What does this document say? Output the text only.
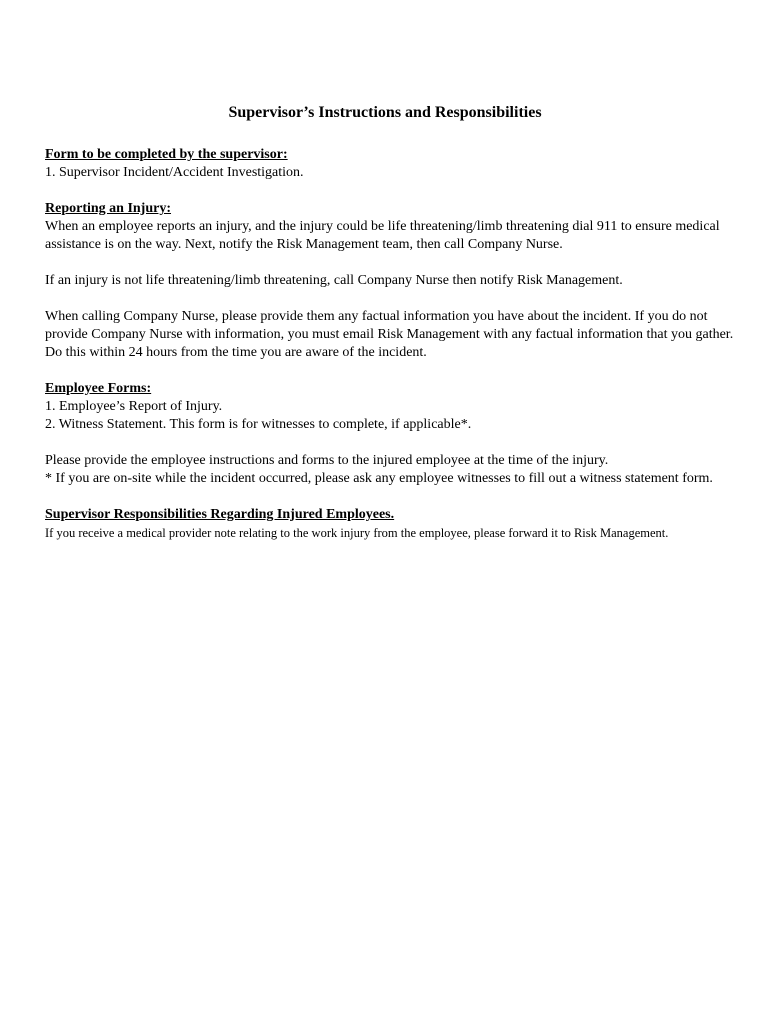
Supervisor’s Instructions and Responsibilities

Form to be completed by the supervisor:

1. Supervisor Incident/Accident Investigation.

Reporting an Injury:

When an employee reports an injury, and the injury could be life threatening/limb threatening dial 911 to ensure medical assistance is on the way. Next, notify the Risk Management team, then call Company Nurse.

If an injury is not life threatening/limb threatening, call Company Nurse then notify Risk Management.

When calling Company Nurse, please provide them any factual information you have about the incident. If you do not provide Company Nurse with information, you must email Risk Management with any factual information that you gather. Do this within 24 hours from the time you are aware of the incident.

Employee Forms:

1. Employee’s Report of Injury.

2. Witness Statement. This form is for witnesses to complete, if applicable*.

Please provide the employee instructions and forms to the injured employee at the time of the injury.

* If you are on-site while the incident occurred, please ask any employee witnesses to fill out a witness statement form.

Supervisor Responsibilities Regarding Injured Employees.

If you receive a medical provider note relating to the work injury from the employee, please forward it to Risk Management.
